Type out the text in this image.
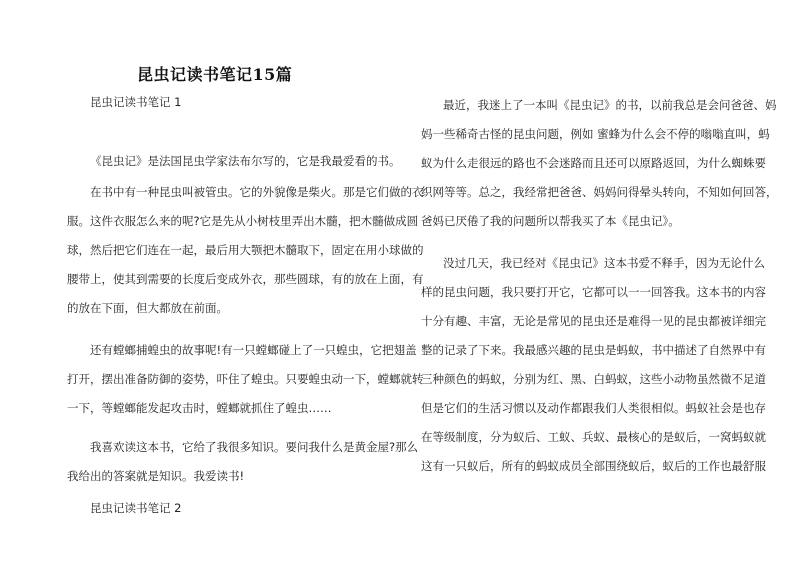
昆虫记读书笔记15篇
昆虫记读书笔记 1
《昆虫记》是法国昆虫学家法布尔写的，它是我最爱看的书。
在书中有一种昆虫叫被管虫。它的外貌像是柴火。那是它们做的衣
服。这件衣服怎么来的呢?它是先从小树枝里弄出木髓，把木髓做成圆
球，然后把它们连在一起，最后用大颚把木髓取下，固定在用小球做的
腰带上，使其到需要的长度后变成外衣，那些圆球，有的放在上面，有
的放在下面，但大都放在前面。
还有螳螂捕蝗虫的故事呢!有一只螳螂碰上了一只蝗虫，它把翅盖
打开，摆出准备防御的姿势，吓住了蝗虫。只要蝗虫动一下，螳螂就转
一下，等螳螂能发起攻击时，螳螂就抓住了蝗虫……
我喜欢读这本书，它给了我很多知识。要问我什么是黄金屋?那么
我给出的答案就是知识。我爱读书!
昆虫记读书笔记 2
最近，我迷上了一本叫《昆虫记》的书，以前我总是会问爸爸、妈
妈一些稀奇古怪的昆虫问题，例如 蜜蜂为什么会不停的嗡嗡直叫，蚂
蚁为什么走很远的路也不会迷路而且还可以原路返回，为什么蜘蛛要
织网等等。总之，我经常把爸爸、妈妈问得晕头转向，不知如何回答，
爸妈已厌倦了我的问题所以帮我买了本《昆虫记》。
没过几天，我已经对《昆虫记》这本书爱不释手，因为无论什么
样的昆虫问题，我只要打开它，它都可以一一回答我。这本书的内容
十分有趣、丰富，无论是常见的昆虫还是难得一见的昆虫都被详细完
整的记录了下来。我最感兴趣的昆虫是蚂蚁，书中描述了自然界中有
三种颜色的蚂蚁，分别为红、黑、白蚂蚁，这些小动物虽然微不足道
但是它们的生活习惯以及动作都跟我们人类很相似。蚂蚁社会是也存
在等级制度，分为蚁后、工蚁、兵蚁、最核心的是蚁后，一窝蚂蚁就
这有一只蚁后，所有的蚂蚁成员全部围绕蚁后，蚁后的工作也最舒服
